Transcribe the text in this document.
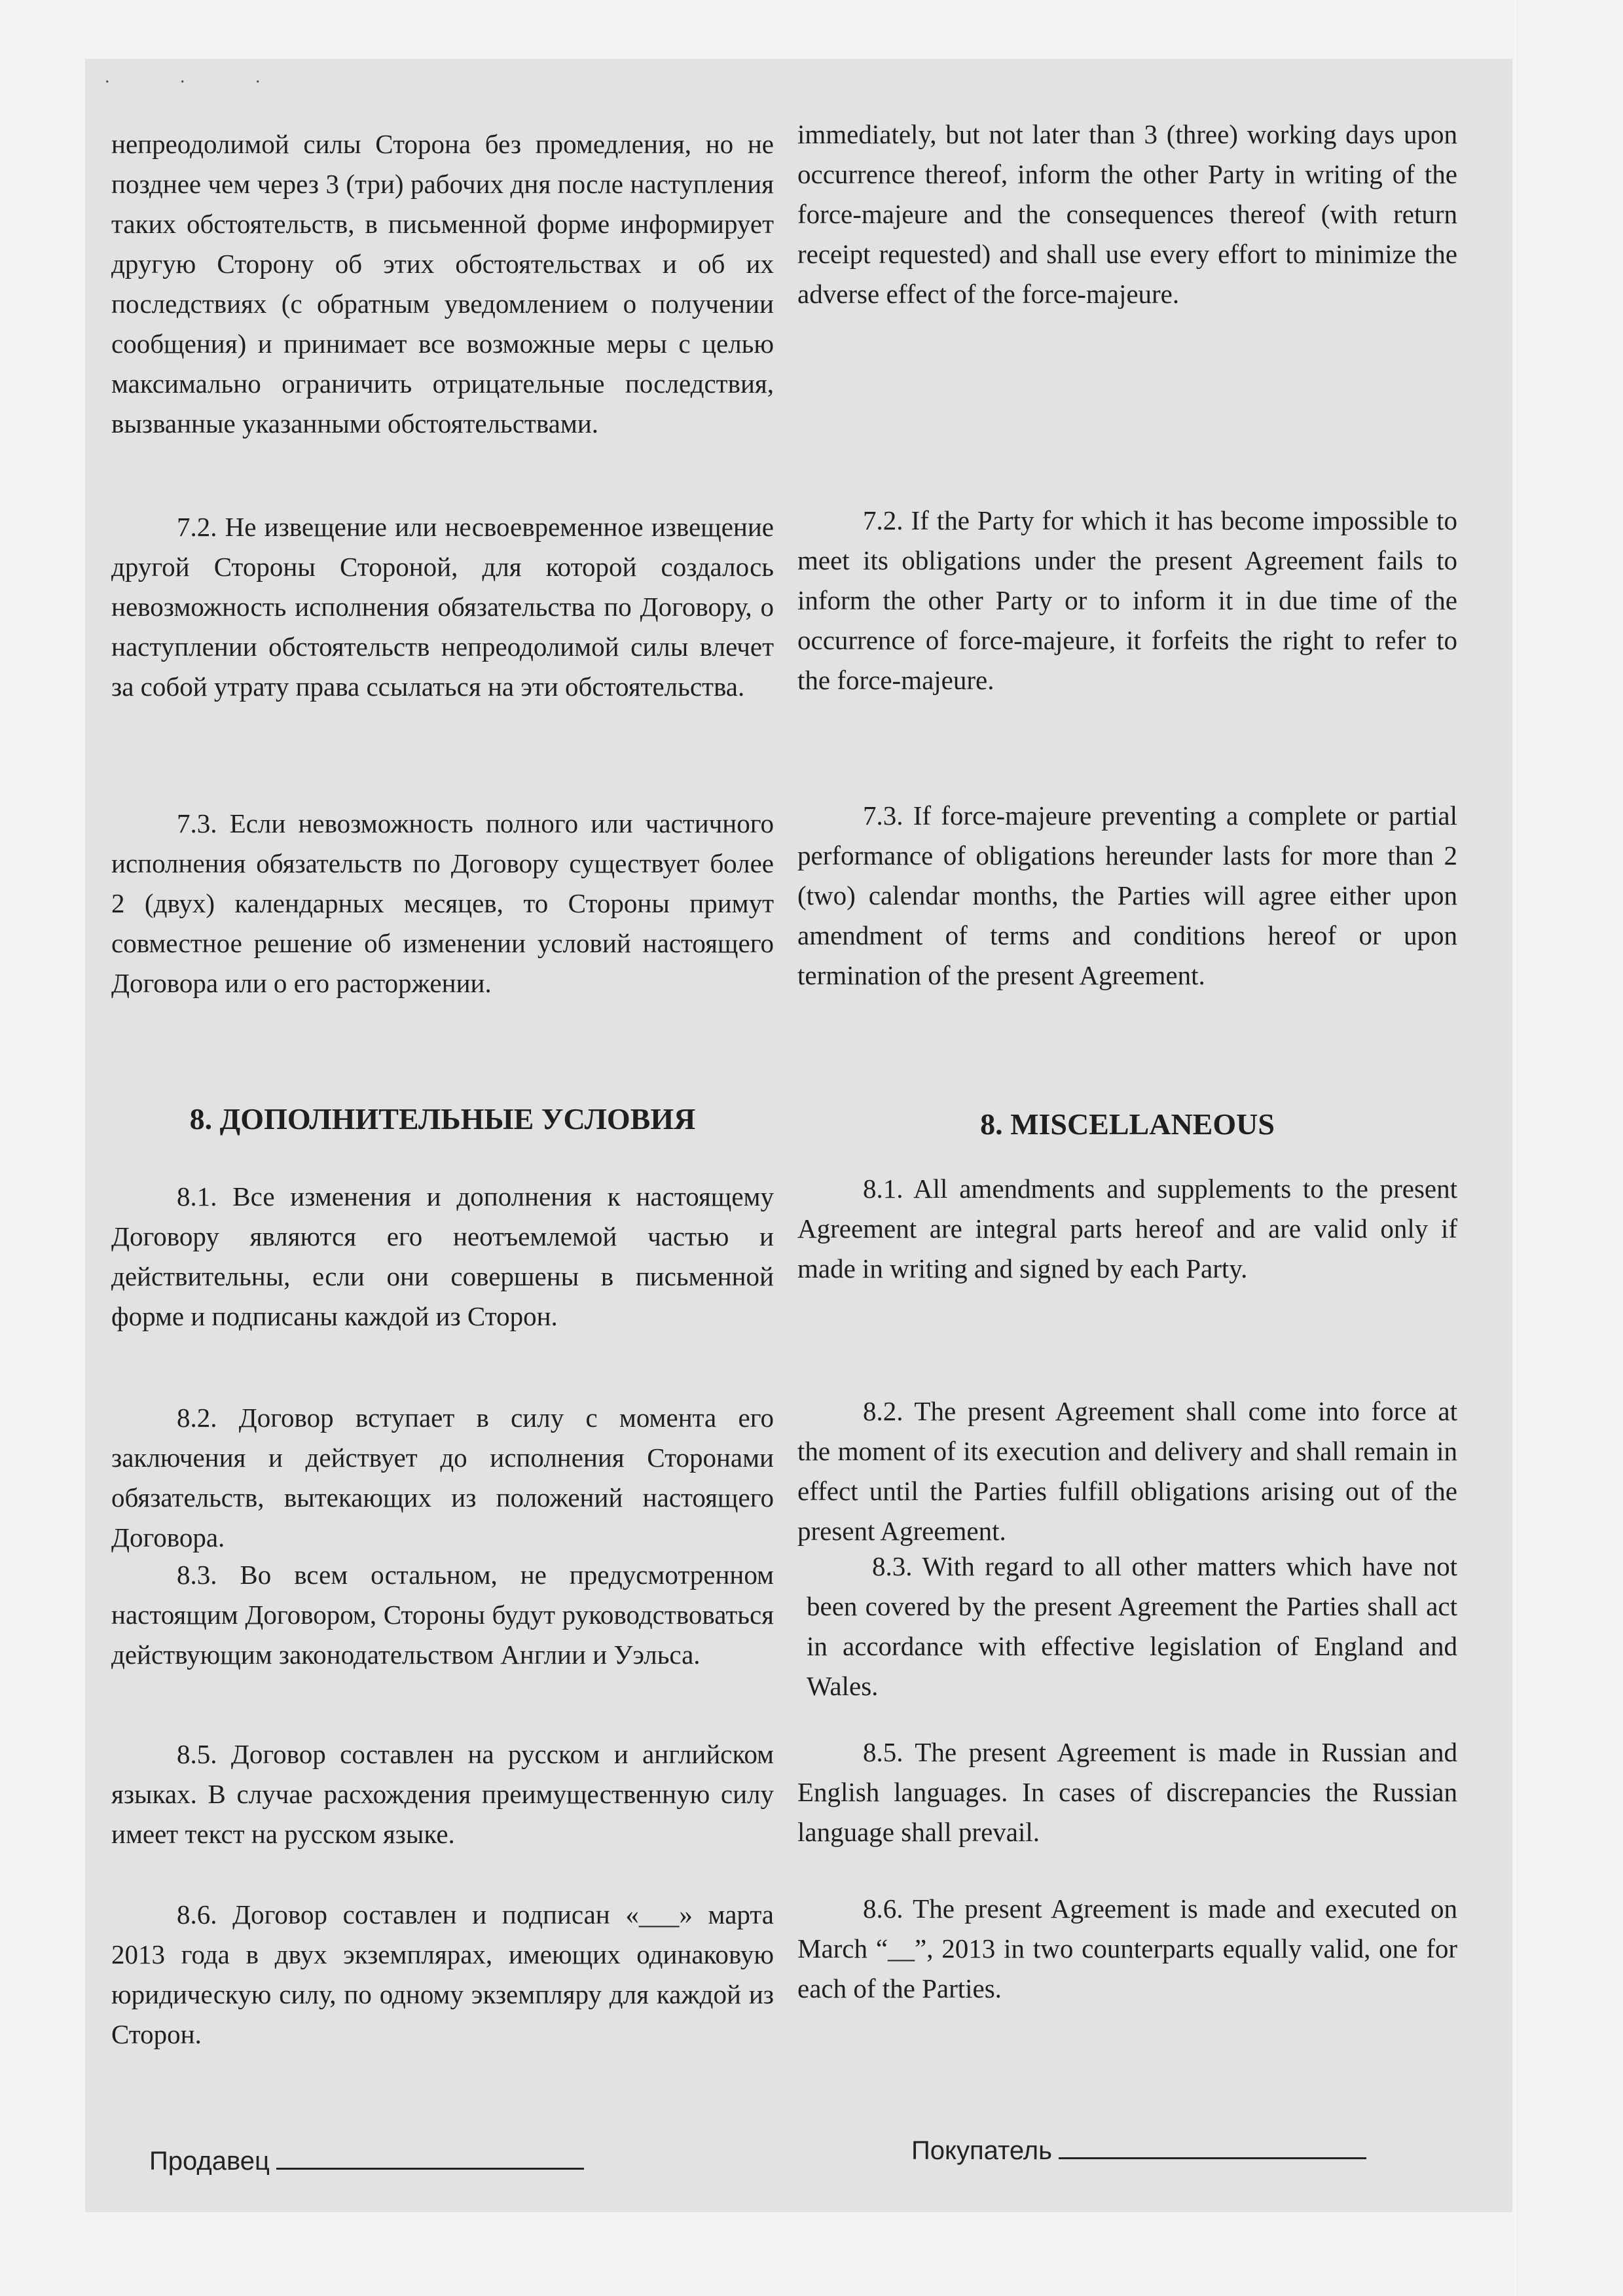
. . .

непреодолимой силы Сторона без промедления, но не позднее чем через 3 (три) рабочих дня после наступления таких обстоятельств, в письменной форме информирует другую Сторону об этих обстоятельствах и об их последствиях (с обратным уведомлением о получении сообщения) и принимает все возможные меры с целью максимально ограничить отрицательные последствия, вызванные указанными обстоятельствами.

7.2. Не извещение или несвоевременное извещение другой Стороны Стороной, для которой создалось невозможность исполнения обязательства по Договору, о наступлении обстоятельств непреодолимой силы влечет за собой утрату права ссылаться на эти обстоятельства.

7.3. Если невозможность полного или частичного исполнения обязательств по Договору существует более 2 (двух) календарных месяцев, то Стороны примут совместное решение об изменении условий настоящего Договора или о его расторжении.

8. ДОПОЛНИТЕЛЬНЫЕ УСЛОВИЯ

8.1. Все изменения и дополнения к настоящему Договору являются его неотъемлемой частью и действительны, если они совершены в письменной форме и подписаны каждой из Сторон.

8.2. Договор вступает в силу с момента его заключения и действует до исполнения Сторонами обязательств, вытекающих из положений настоящего Договора.

8.3. Во всем остальном, не предусмотренном настоящим Договором, Стороны будут руководствоваться действующим законодательством Англии и Уэльса.

8.5. Договор составлен на русском и английском языках. В случае расхождения преимущественную силу имеет текст на русском языке.

8.6. Договор составлен и подписан «___» марта 2013 года в двух экземплярах, имеющих одинаковую юридическую силу, по одному экземпляру для каждой из Сторон.

immediately, but not later than 3 (three) working days upon occurrence thereof, inform the other Party in writing of the force-majeure and the consequences thereof (with return receipt requested) and shall use every effort to minimize the adverse effect of the force-majeure.

7.2. If the Party for which it has become impossible to meet its obligations under the present Agreement fails to inform the other Party or to inform it in due time of the occurrence of force-majeure, it forfeits the right to refer to the force-majeure.

7.3. If force-majeure preventing a complete or partial performance of obligations hereunder lasts for more than 2 (two) calendar months, the Parties will agree either upon amendment of terms and conditions hereof or upon termination of the present Agreement.

8. MISCELLANEOUS

8.1. All amendments and supplements to the present Agreement are integral parts hereof and are valid only if made in writing and signed by each Party.

8.2. The present Agreement shall come into force at the moment of its execution and delivery and shall remain in effect until the Parties fulfill obligations arising out of the present Agreement.

8.3. With regard to all other matters which have not been covered by the present Agreement the Parties shall act in accordance with effective legislation of England and Wales.

8.5. The present Agreement is made in Russian and English languages. In cases of discrepancies the Russian language shall prevail.

8.6. The present Agreement is made and executed on March “__”, 2013 in two counterparts equally valid, one for each of the Parties.

Продавец	Покупатель
